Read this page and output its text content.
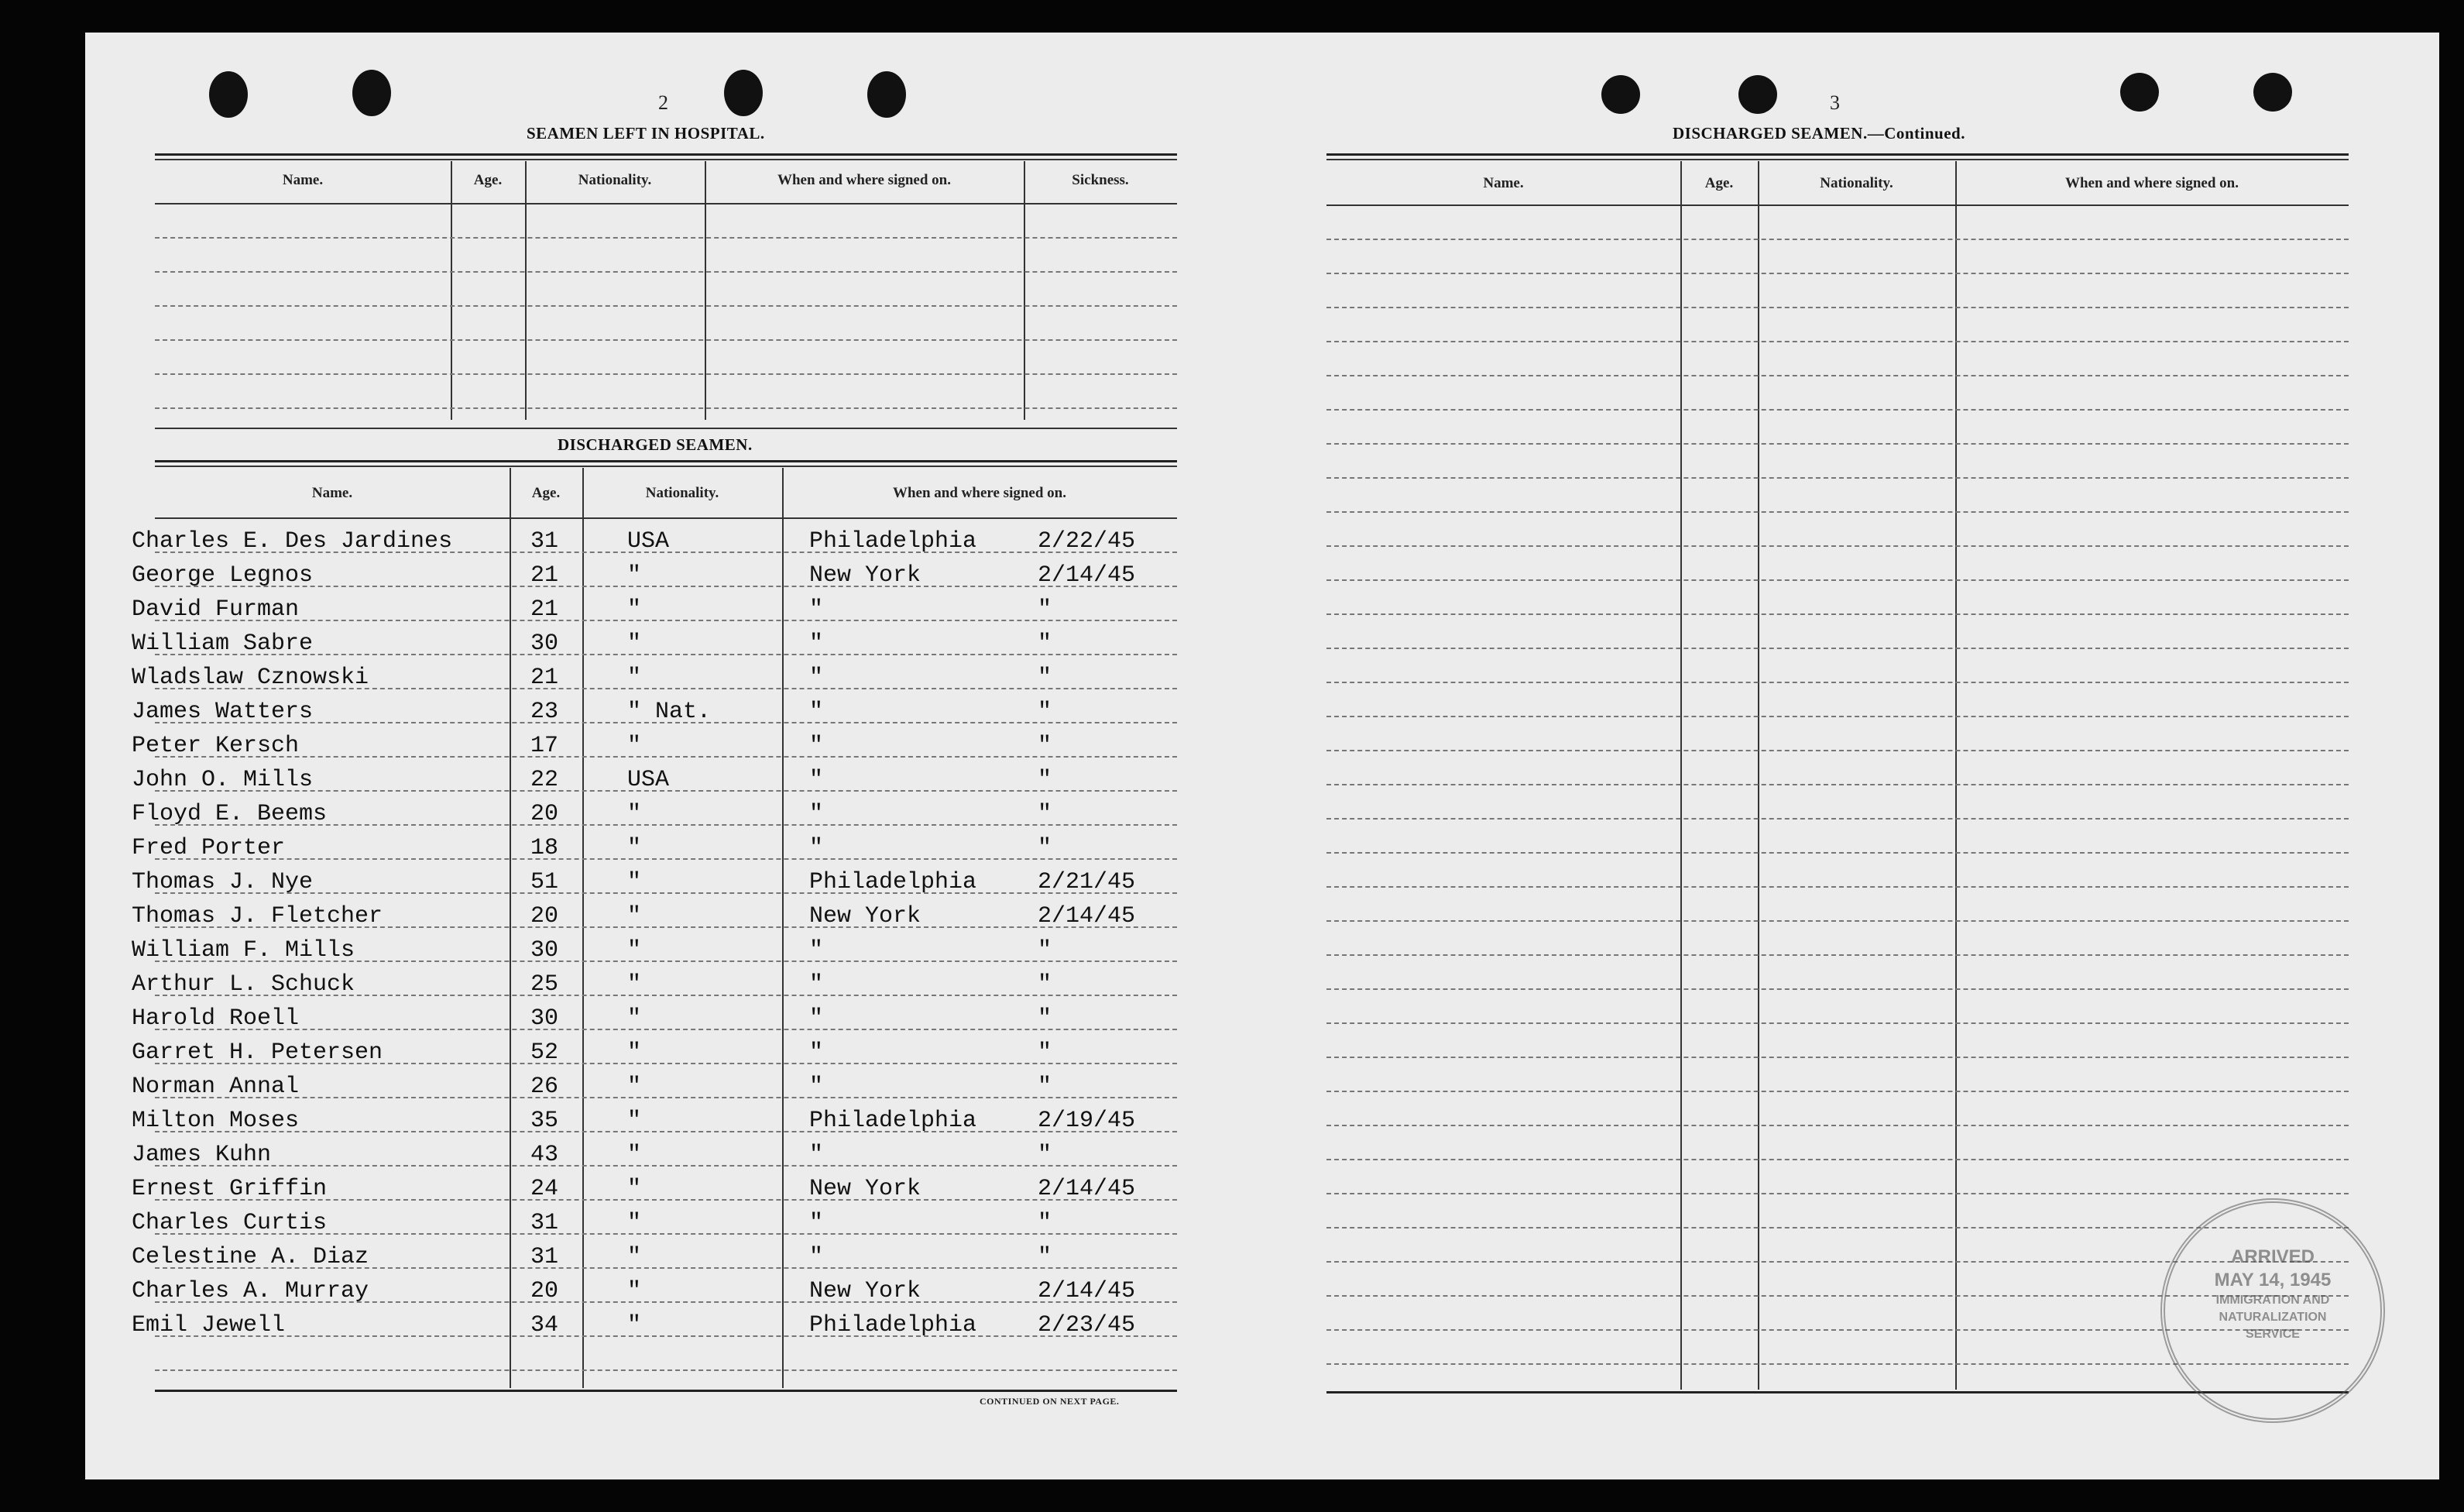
2
SEAMEN LEFT IN HOSPITAL.
Name.	Age.	Nationality.	When and where signed on.	Sickness.
DISCHARGED SEAMEN.
Name.	Age.	Nationality.	When and where signed on.
Charles E. Des Jardines	31	USA	Philadelphia	2/22/45
George Legnos	21	"	New York	2/14/45
David Furman	21	"	"	"
William Sabre	30	"	"	"
Wladslaw Cznowski	21	"	"	"
James Watters	23	" Nat.	"	"
Peter Kersch	17	"	"	"
John O. Mills	22	USA	"	"
Floyd E. Beems	20	"	"	"
Fred Porter	18	"	"	"
Thomas J. Nye	51	"	Philadelphia	2/21/45
Thomas J. Fletcher	20	"	New York	2/14/45
William F. Mills	30	"	"	"
Arthur L. Schuck	25	"	"	"
Harold Roell	30	"	"	"
Garret H. Petersen	52	"	"	"
Norman Annal	26	"	"	"
Milton Moses	35	"	Philadelphia	2/19/45
James Kuhn	43	"	"	"
Ernest Griffin	24	"	New York	2/14/45
Charles Curtis	31	"	"	"
Celestine A. Diaz	31	"	"	"
Charles A. Murray	20	"	New York	2/14/45
Emil Jewell	34	"	Philadelphia	2/23/45
CONTINUED ON NEXT PAGE.
3
DISCHARGED SEAMEN.—Continued.
Name.	Age.	Nationality.	When and where signed on.
ARRIVED
MAY 14, 1945
IMMIGRATION AND
NATURALIZATION
SERVICE
